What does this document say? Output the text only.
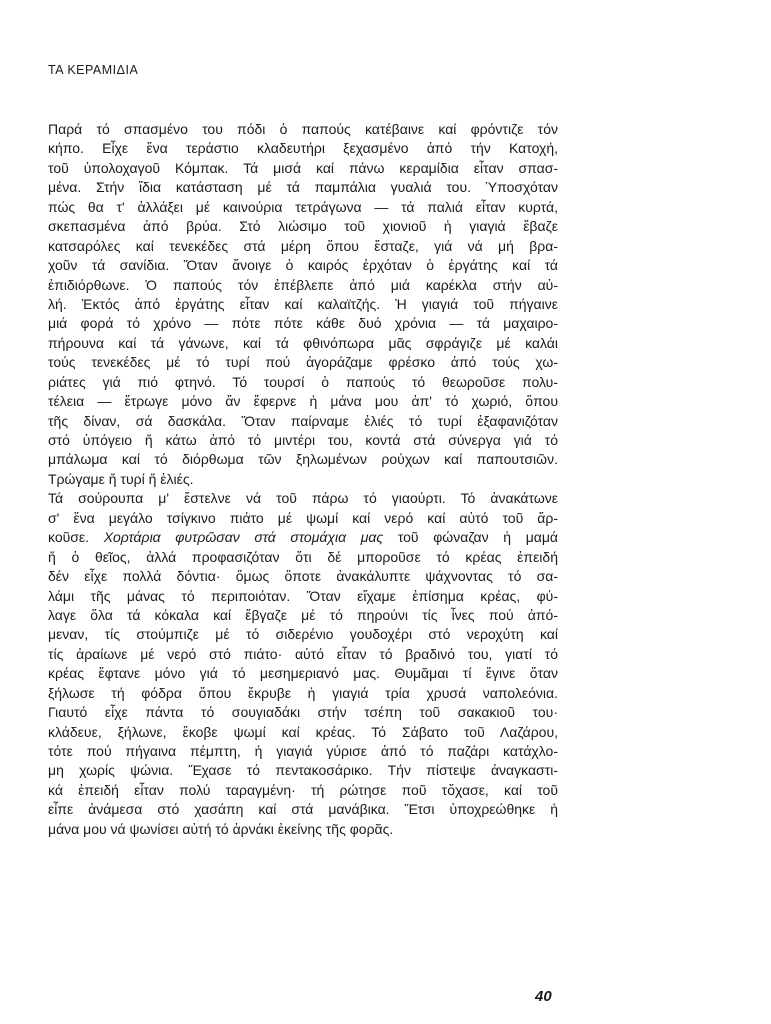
ΤΑ ΚΕΡΑΜΙΔΙΑ
Παρά τό σπασμένο του πόδι ὁ παπούς κατέβαινε καί φρόντιζε τόν
κήπο. Εἶχε ἕνα τεράστιο κλαδευτήρι ξεχασμένο ἀπό τήν Κατοχή,
τοῦ ὑπολοχαγοῦ Κόμπακ. Τά μισά καί πάνω κεραμίδια εἶταν σπασ-
μένα. Στήν ἴδια κατάσταση μέ τά παμπάλια γυαλιά του. Ὑποσχόταν
πώς θα τ' ἀλλάξει μέ καινούρια τετράγωνα — τά παλιά εἶταν κυρτά,
σκεπασμένα ἀπό βρύα. Στό λιώσιμο τοῦ χιονιοῦ ἡ γιαγιά ἔβαζε
κατσαρόλες καί τενεκέδες στά μέρη ὅπου ἔσταζε, γιά νά μή βρα-
χοῦν τά σανίδια. Ὅταν ἄνοιγε ὁ καιρός ἐρχόταν ὁ ἐργάτης καί τά
ἐπιδιόρθωνε. Ὁ παπούς τόν ἐπέβλεπε ἀπό μιά καρέκλα στήν αὐ-
λή. Ἐκτός ἀπό ἐργάτης εἶταν καί καλαϊτζής. Ἡ γιαγιά τοῦ πήγαινε
μιά φορά τό χρόνο — πότε πότε κάθε δυό χρόνια — τά μαχαιρο-
πήρουνα καί τά γάνωνε, καί τά φθινόπωρα μᾶς σφράγιζε μέ καλάι
τούς τενεκέδες μέ τό τυρί πού ἀγοράζαμε φρέσκο ἀπό τούς χω-
ριάτες γιά πιό φτηνό. Τό τουρσί ὁ παπούς τό θεωροῦσε πολυ-
τέλεια — ἔτρωγε μόνο ἄν ἔφερνε ἡ μάνα μου ἀπ' τό χωριό, ὅπου
τῆς δίναν, σά δασκάλα. Ὅταν παίρναμε ἐλιές τό τυρί ἐξαφανιζόταν
στό ὑπόγειο ἤ κάτω ἀπό τό μιντέρι του, κοντά στά σύνεργα γιά τό
μπάλωμα καί τό διόρθωμα τῶν ξηλωμένων ρούχων καί παπουτσιῶν.
Τρώγαμε ἤ τυρί ἤ ἐλιές.
Τά σούρουπα μ' ἔστελνε νά τοῦ πάρω τό γιαούρτι. Τό ἀνακάτωνε
σ' ἕνα μεγάλο τσίγκινο πιάτο μέ ψωμί καί νερό καί αὐτό τοῦ ἄρ-
κοῦσε. Χορτάρια φυτρῶσαν στά στομάχια μας τοῦ φώναζαν ἡ μαμά
ἤ ὁ θεῖος, ἀλλά προφασιζόταν ὅτι δέ μποροῦσε τό κρέας ἐπειδή
δέν εἶχε πολλά δόντια· ὅμως ὅποτε ἀνακάλυπτε ψάχνοντας τό σα-
λάμι τῆς μάνας τό περιποιόταν. Ὅταν εἴχαμε ἐπίσημα κρέας, φύ-
λαγε ὅλα τά κόκαλα καί ἔβγαζε μέ τό πηρούνι τίς ἶνες πού ἀπό-
μεναν, τίς στούμπιζε μέ τό σιδερένιο γουδοχέρι στό νεροχύτη καί
τίς ἀραίωνε μέ νερό στό πιάτο· αὐτό εἶταν τό βραδινό του, γιατί τό
κρέας ἔφτανε μόνο γιά τό μεσημεριανό μας. Θυμᾶμαι τί ἔγινε ὅταν
ξήλωσε τή φόδρα ὅπου ἔκρυβε ἡ γιαγιά τρία χρυσά ναπολεόνια.
Γιαυτό εἶχε πάντα τό σουγιαδάκι στήν τσέπη τοῦ σακακιοῦ του·
κλάδευε, ξήλωνε, ἔκοβε ψωμί καί κρέας. Τό Σάβατο τοῦ Λαζάρου,
τότε πού πήγαινα πέμπτη, ἡ γιαγιά γύρισε ἀπό τό παζάρι κατάχλο-
μη χωρίς ψώνια. Ἔχασε τό πεντακοσάρικο. Τήν πίστεψε ἀναγκαστι-
κά ἐπειδή εἶταν πολύ ταραγμένη· τή ρώτησε ποῦ τὄχασε, καί τοῦ
εἶπε ἀνάμεσα στό χασάπη καί στά μανάβικα. Ἔτσι ὑποχρεώθηκε ἡ
μάνα μου νά ψωνίσει αὐτή τό ἀρνάκι ἐκείνης τῆς φορᾶς.
40
